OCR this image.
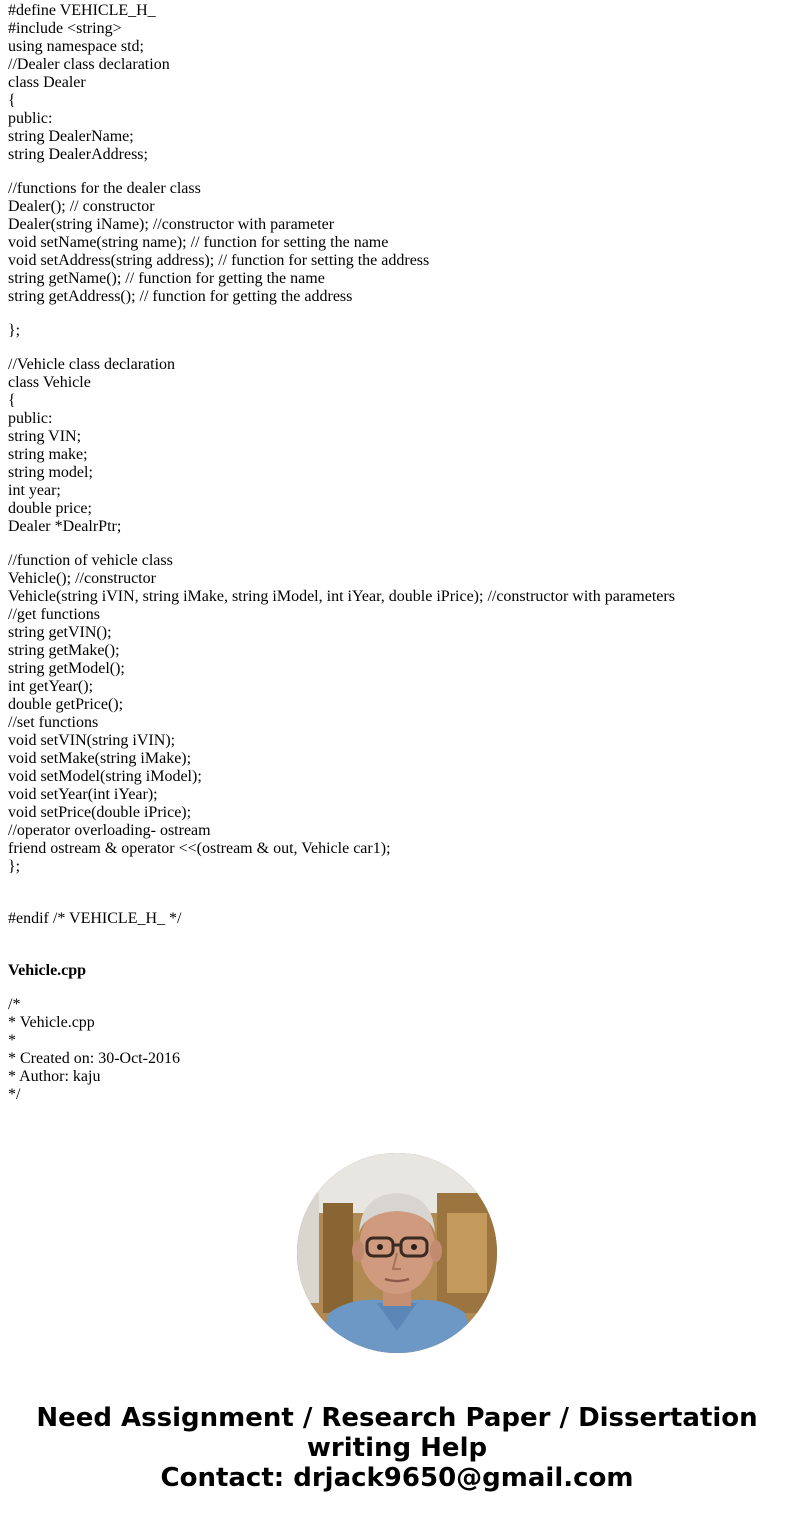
#define VEHICLE_H_
#include <string>
using namespace std;
//Dealer class declaration
class Dealer
{
public:
string DealerName;
string DealerAddress;
//functions for the dealer class
Dealer(); // constructor
Dealer(string iName); //constructor with parameter
void setName(string name); // function for setting the name
void setAddress(string address); // function for setting the address
string getName(); // function for getting the name
string getAddress(); // function for getting the address
};
//Vehicle class declaration
class Vehicle
{
public:
string VIN;
string make;
string model;
int year;
double price;
Dealer *DealrPtr;
//function of vehicle class
Vehicle(); //constructor
Vehicle(string iVIN, string iMake, string iModel, int iYear, double iPrice); //constructor with parameters
//get functions
string getVIN();
string getMake();
string getModel();
int getYear();
double getPrice();
//set functions
void setVIN(string iVIN);
void setMake(string iMake);
void setModel(string iModel);
void setYear(int iYear);
void setPrice(double iPrice);
//operator overloading- ostream
friend ostream & operator <<(ostream & out, Vehicle car1);
};
#endif /* VEHICLE_H_ */
Vehicle.cpp
/*
* Vehicle.cpp
*
* Created on: 30-Oct-2016
* Author: kaju
*/
Need Assignment / Research Paper / Dissertation
writing Help
Contact: drjack9650@gmail.com
